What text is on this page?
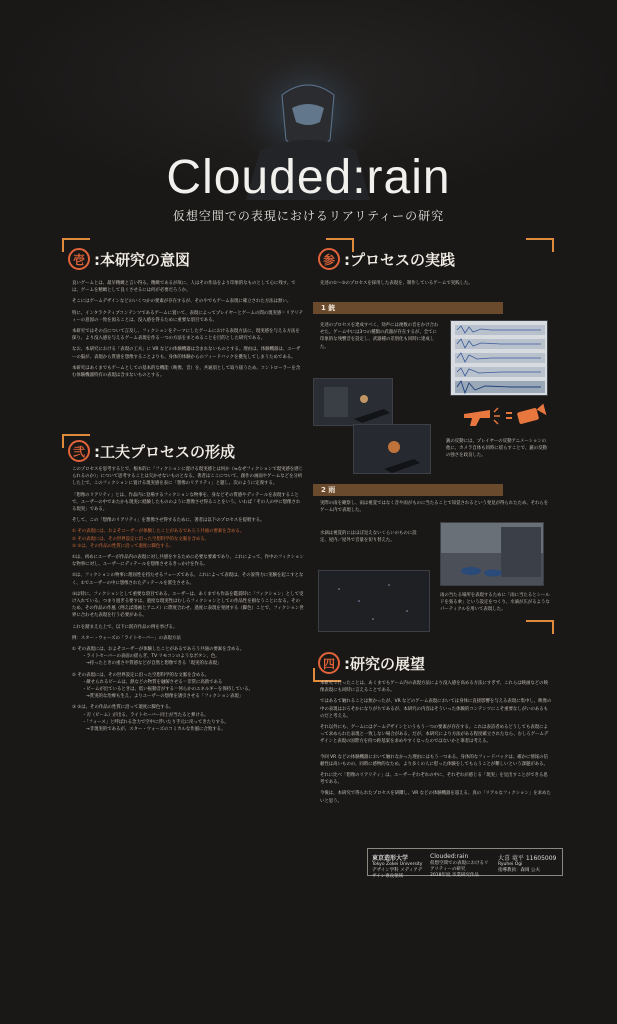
Clouded:rain
仮想空間での表現におけるリアリティーの研究
壱 :本研究の意図

良いゲームとは、最早精緻と言い得る。精緻であるが故に、人はその作品をより印象的なものとして心に残す。では、ゲームを精緻として良くさせるには何が必要だろうか。

そこにはゲームデザインなどのいくつかの要素が存在するが、そのやでもゲーム表現に確立された方法は無い。

特に、インタラクティブコンテンツであるゲームに置いて、表現によってプレイヤーとゲームの間の現実感＝リアリティーの意図の一致を図ることは、没入感を得るために重要な項目である。

本研究ではその点について言及し、フィクションをテーマにしたゲームにおける表現方法に、現実感を与える方法を探り、より没入感を与えるゲーム表現を作る一つの方法をまとめることを目的とした研究である。

なお、本研究における「表現の工夫」に VR などの体験機器は含まれないものとする。理由は、体験機器は、ユーザーの脳が、表現から質感を想像することよりも、身体的体験からのフィードバックを優先してしまうためである。

本研究はあくまでもゲームとしての基本的な機能（映像、音）を、共通項として取り扱うため、コントローラーを含む体験機器特有の表現は含まないものとする。

弐 :工夫プロセスの形成

このプロセスを思考するとで、根本的に「フィクションに置ける現実感とは何か（≒なぜフィクションで現実感を感じられるのか）」について思考することは欠かせないものとなる。著者はここについて、創作の画面やゲームなどを分析した上で、このフィクションに置ける現実感を表に「想像のリアリティ」と題し、次のように定義する。

「想像のリアリティ」とは、作品内に登場するフィクションな物事を、身などその質感やディテールを表現することで、ユーザーの中であたかも現実に経験したもののように想像させ得ることをいう。いわば「その人の中に想像される現実」である。

そして、この「想像のリアリティ」を想像させ得するために、著者は以下のプロセスを提唱する。

① その表現には、およそユーザーが体験したことがあるであろう共通の要素を含める。
② その表現には、その世界設定に沿った空想科学的な文脈を含める。
③ ②は、その作品の性質に沿って適度に脚色する。

①は、初めにユーザーが作品内の表現に対し共感をするために必要な要素であり、これによって、作中のフィクションな物事に対し、ユーザーにディテールを想像させるきっかけを作る。

②は、フィクションの物事に理屈性を持たせるフェーズである。これによって表現は、その説得力に実験を起こすとなく、①でユーザーの中に想像されたディテールを派生させる。

③は特に、フィクションとして重要な項目である。ユーザーは、あくまでも作品を鑑賞時に「フィクション」として受け入れている。つまり過ぎる要すは、過度な現実性はむしろフィクションとしての作品性を損なうことになる。そのため、その作品の作風（例えば漫画とアニメ）に際度合わせ、過度に表現を発展する（脚色）ことで、フィクション世界に合わせた表現を行う必要がある。

これを踏まえた上で、以下に既存作品の例を挙げる。

例：スター・ウォーズの「ライトセーバー」の表現方法

① その表現には、およそユーザーが体験したことがあるであろう共通の要素を含める。
・ライトセーバーの表面の揺らぎ、TV リモコンのようなボタン、色。
→持ったときの重さや質感などが自然と想像できる「現実的な表現」

② その表現には、その世界設定に沿った空想科学的な文脈を含める。
・敵せられるビームは、熱などの物質を融解させる＝非常に高熱である
・ビームが出ているときは、低い振動音がする＝何らかのエネルギーを保持している。
→質実的な治療も生え、よりユーザーの想像を誘引させる「フィクション表現」

③ ②は、その作品の性質に沿って適度に脚色する。
・刃（ビーム）が出る、ライトセーバー同士が当たると弾ける。
・「フォース」と呼ばれる念力で空中に浮いたり手元に戻ってきたりする。
→非現実的であるが、スター・ウォーズのコミカルな作風に合致する。

参 :プロセスの実践
先述の①〜③のプロセスを採用した表現を、制作しているゲームで実践した。
1 銃
先述のプロセスを達成すべく、効声には複数の音をかけ合わせた。ゲーム中には3つの種類の武器が存在するが、全てに印象的な残響音を設定し、武器種の差別化も同時に達成した。
銃の反動には、プレイヤーの反動アニメーションの他に、カメラ自体も同時に揺らすことで、銃の反動の強さを政良した。
2 雨
実際の雨を観察し、雨は視覚ではなく音や雨がものに当たることで知覚されるという発見が得られたため、それらをゲーム内で表現した。
水滴は視覚的にはほぼ見えないくらいのものに設定、屋内／屋外で音量を切り替えた。
雨の当たる場所を表現するために「雨に当たるとシールドを張る傘」という設定をつくり、水滴が広がるようなパーティクルを用いて表現した。
四 :研究の展望

本研究で行ったことは、あくまでもゲーム内の表現方法により没入感を高める方法にすぎず、これらは映画などの映像表現にも同時に言えることである。

ではあるて触れることは無かったが、VR などのゲーム表現においては身体に直接影響を与える表現に集中し、映像の中の表現はおろそかになりがちであるが、本研究の内容はそういった体験的コンテンツにこそ重要なしがいのあるものだと考える。

それ以外にも、ゲームにはゲームデザインというもう一つの要素が存在する。これは表詩者めるどうしても表現によって求められた表現と一致しない場合がある。だが、本研究により方法がある程度確立されたなら、むしろゲームデザインと表現の国際方を持つ距基案を求めやすくなったのではないかと筆者は考える。

今回 VR などの体験機器において触れなかった理由にはもう一つある。身体的なフィードバックは、確かに情報の信頼性は高いものの、同時に感物的なため、より多くの人に慰った体験をしてもらうことが難しいという課題がある。

それに比べ「想像のリアリティ」は、ユーザーそれぞれの中に、それぞれが感じる「現実」を見出すことができる思考である。

今後は、本研究で得られたプロセスを研鑽し、VR などの体験機器を超える、真の「リアルなフィクション」を求めたいと思う。

東京造形大学
Tokyo Zokei University
デザイン学科 メディアデザイン専攻領域
Clouded:rain
仮想空間での表現におけるリアリティーの研究
2018年度 卒業研究作品
大喜 竜平 11605009
Ryuhei Ogi
指導教員：森岡 公夫
